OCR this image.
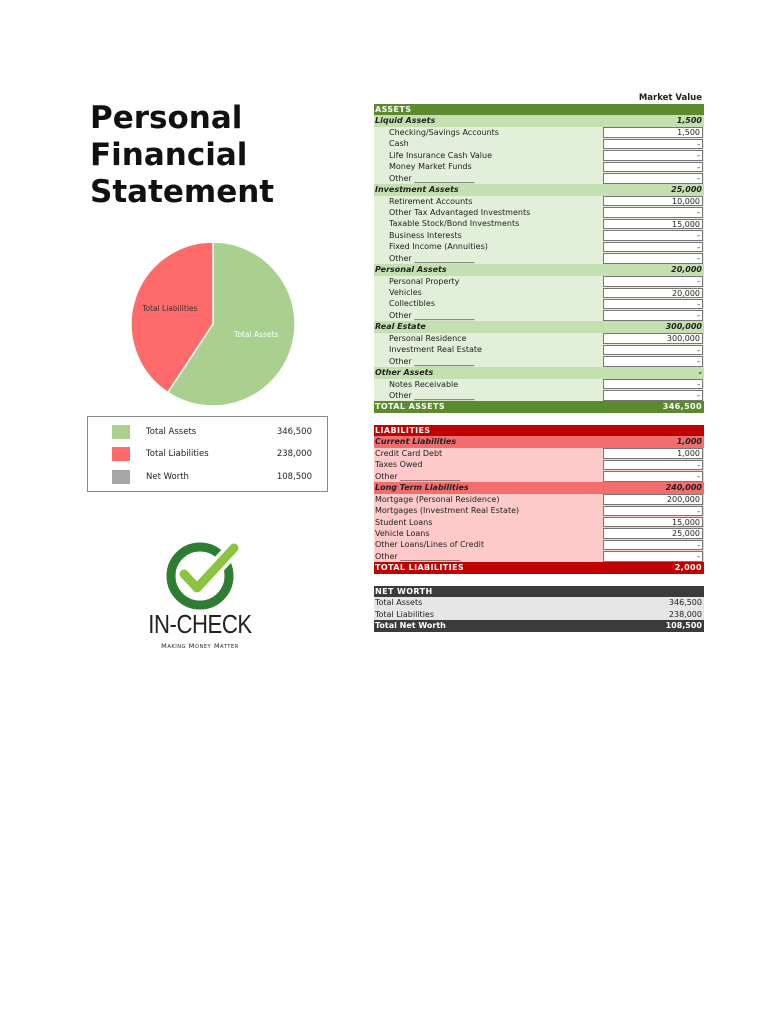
Personal
Financial
Statement
Total Assets
Total Liabilities
Total Assets	346,500
Total Liabilities	238,000
Net Worth	108,500
IN-CHECK
Making Money Matter
Market Value
ASSETS
Liquid Assets	1,500
Checking/Savings Accounts	1,500
Cash	-
Life Insurance Cash Value	-
Money Market Funds	-
Other _______________	-
Investment Assets	25,000
Retirement Accounts	10,000
Other Tax Advantaged Investments	-
Taxable Stock/Bond Investments	15,000
Business Interests	-
Fixed Income (Annuities)	-
Other _______________	-
Personal Assets	20,000
Personal Property	-
Vehicles	20,000
Collectibles	-
Other _______________	-
Real Estate	300,000
Personal Residence	300,000
Investment Real Estate	-
Other _______________	-
Other Assets	-
Notes Receivable	-
Other _______________	-
TOTAL ASSETS	346,500
LIABILITIES
Current Liabilities	1,000
Credit Card Debt	1,000
Taxes Owed	-
Other _______________	-
Long Term Liabilities	240,000
Mortgage (Personal Residence)	200,000
Mortgages (Investment Real Estate)	-
Student Loans	15,000
Vehicle Loans	25,000
Other Loans/Lines of Credit	-
Other _______________	-
TOTAL LIABILITIES	2,000
NET WORTH
Total Assets	346,500
Total Liabilities	238,000
Total Net Worth	108,500
